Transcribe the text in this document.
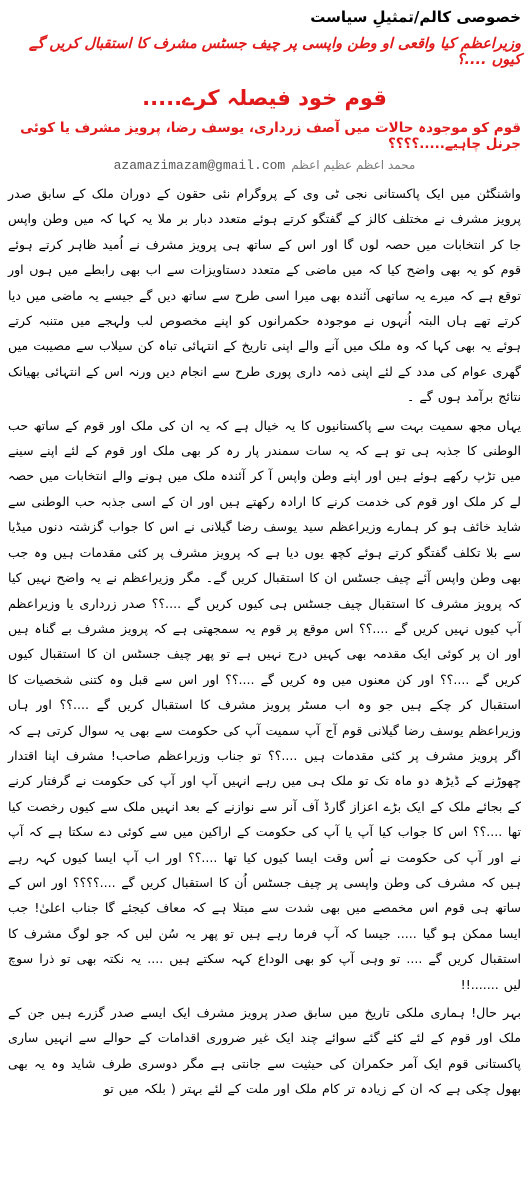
خصوصی کالم/تمثیلِ سیاست
وزیراعظم کیا واقعی او وطن واپسی پر چیف جسٹس مشرف کا استقبال کریں گے کیوں ....؟
قوم خود فیصلہ کرے.....
قوم کو موجودہ حالات میں آصف زرداری، یوسف رضا، پرویز مشرف یا کوئی جرنل چاہیے.....؟؟؟؟
azamazimazam@gmail.com محمد اعظم عظیم اعظم

واشنگٹن میں ایک پاکستانی نجی ٹی وی کے پروگرام نئی حقون کے دوران ملک کے سابق صدر پرویز مشرف نے مختلف کالز کے گفتگو کرتے ہوئے متعدد دبار بر ملا یہ کہا کہ میں وطن واپس جا کر انتخابات میں حصہ لوں گا اور اس کے ساتھ ہی پرویز مشرف نے اُمید ظاہر کرتے ہوئے قوم کو یہ بھی واضح کیا کہ میں ماضی کے متعدد دستاویزات سے اب بھی رابطے میں ہوں اور توقع ہے کہ میرے یہ ساتھی آئندہ بھی میرا اسی طرح سے ساتھ دیں گے جیسے یہ ماضی میں دیا کرتے تھے ہاں البتہ اُنہوں نے موجودہ حکمرانوں کو اپنے مخصوص لب ولہجے میں متنبہ کرتے ہوئے یہ بھی کہا کہ وہ ملک میں آنے والے اپنی تاریخ کے انتہائی تباہ کن سیلاب سے مصیبت میں گھری عوام کی مدد کے لئے اپنی ذمہ داری پوری طرح سے انجام دیں ورنہ اس کے انتہائی بھیانک نتائج برآمد ہوں گے ۔

یہاں مجھ سمیت بہت سے پاکستانیوں کا یہ خیال ہے کہ یہ ان کی ملک اور قوم کے ساتھ حب الوطنی کا جذبہ ہی تو ہے کہ یہ سات سمندر پار رہ کر بھی ملک اور قوم کے لئے اپنے سینے میں تڑپ رکھے ہوئے ہیں اور اپنے وطن واپس آ کر آئندہ ملک میں ہونے والے انتخابات میں حصہ لے کر ملک اور قوم کی خدمت کرنے کا ارادہ رکھتے ہیں اور ان کے اسی جذبہ حب الوطنی سے شاید خائف ہو کر ہمارے وزیراعظم سید یوسف رضا گیلانی نے اس کا جواب گزشتہ دنوں میڈیا سے بلا تکلف گفتگو کرتے ہوئے کچھ یوں دیا ہے کہ پرویز مشرف پر کئی مقدمات ہیں وہ جب بھی وطن واپس آئے چیف جسٹس ان کا استقبال کریں گے۔ مگر وزیراعظم نے یہ واضح نہیں کیا کہ پرویز مشرف کا استقبال چیف جسٹس ہی کیوں کریں گے ....؟؟ صدر زرداری یا وزیراعظم آپ کیوں نہیں کریں گے ....؟؟ اس موقع پر قوم یہ سمجھتی ہے کہ پرویز مشرف بے گناہ ہیں اور ان پر کوئی ایک مقدمہ بھی کہیں درج نہیں ہے تو پھر چیف جسٹس ان کا استقبال کیوں کریں گے ....؟؟ اور کن معنوں میں وہ کریں گے ....؟؟ اور اس سے قبل وہ کتنی شخصیات کا استقبال کر چکے ہیں جو وہ اب مسٹر پرویز مشرف کا استقبال کریں گے ....؟؟ اور ہاں وزیراعظم یوسف رضا گیلانی قوم آج آپ سمیت آپ کی حکومت سے بھی یہ سوال کرتی ہے کہ اگر پرویز مشرف پر کئی مقدمات ہیں ....؟؟ تو جناب وزیراعظم صاحب! مشرف اپنا اقتدار چھوڑنے کے ڈیڑھ دو ماہ تک تو ملک ہی میں رہے انہیں آپ اور آپ کی حکومت نے گرفتار کرنے کے بجائے ملک کے ایک بڑے اعزاز گارڈ آف آنر سے نوازنے کے بعد انہیں ملک سے کیوں رخصت کیا تھا ....؟؟ اس کا جواب کیا آپ یا آپ کی حکومت کے اراکین میں سے کوئی دے سکتا ہے کہ آپ نے اور آپ کی حکومت نے اُس وقت ایسا کیوں کیا تھا ....؟؟ اور اب آپ ایسا کیوں کہہ رہے ہیں کہ مشرف کی وطن واپسی پر چیف جسٹس اُن کا استقبال کریں گے ....؟؟؟؟ اور اس کے ساتھ ہی قوم اس مخمصے میں بھی شدت سے مبتلا ہے کہ معاف کیجئے گا جناب اعلیٰ! جب ایسا ممکن ہو گیا ..... جیسا کہ آپ فرما رہے ہیں تو پھر یہ سُن لیں کہ جو لوگ مشرف کا استقبال کریں گے .... تو وہی آپ کو بھی الوداع کہہ سکتے ہیں .... یہ نکتہ بھی تو ذرا سوچ لیں .......!!

بہر حال! ہماری ملکی تاریخ میں سابق صدر پرویز مشرف ایک ایسے صدر گزرے ہیں جن کے ملک اور قوم کے لئے کئے گئے سوائے چند ایک غیر ضروری اقدامات کے حوالے سے انہیں ساری پاکستانی قوم ایک آمر حکمران کی حیثیت سے جانتی ہے مگر دوسری طرف شاید وہ یہ بھی بھول چکی ہے کہ ان کے زیادہ تر کام ملک اور ملت کے لئے بہتر ( بلکہ میں تو
